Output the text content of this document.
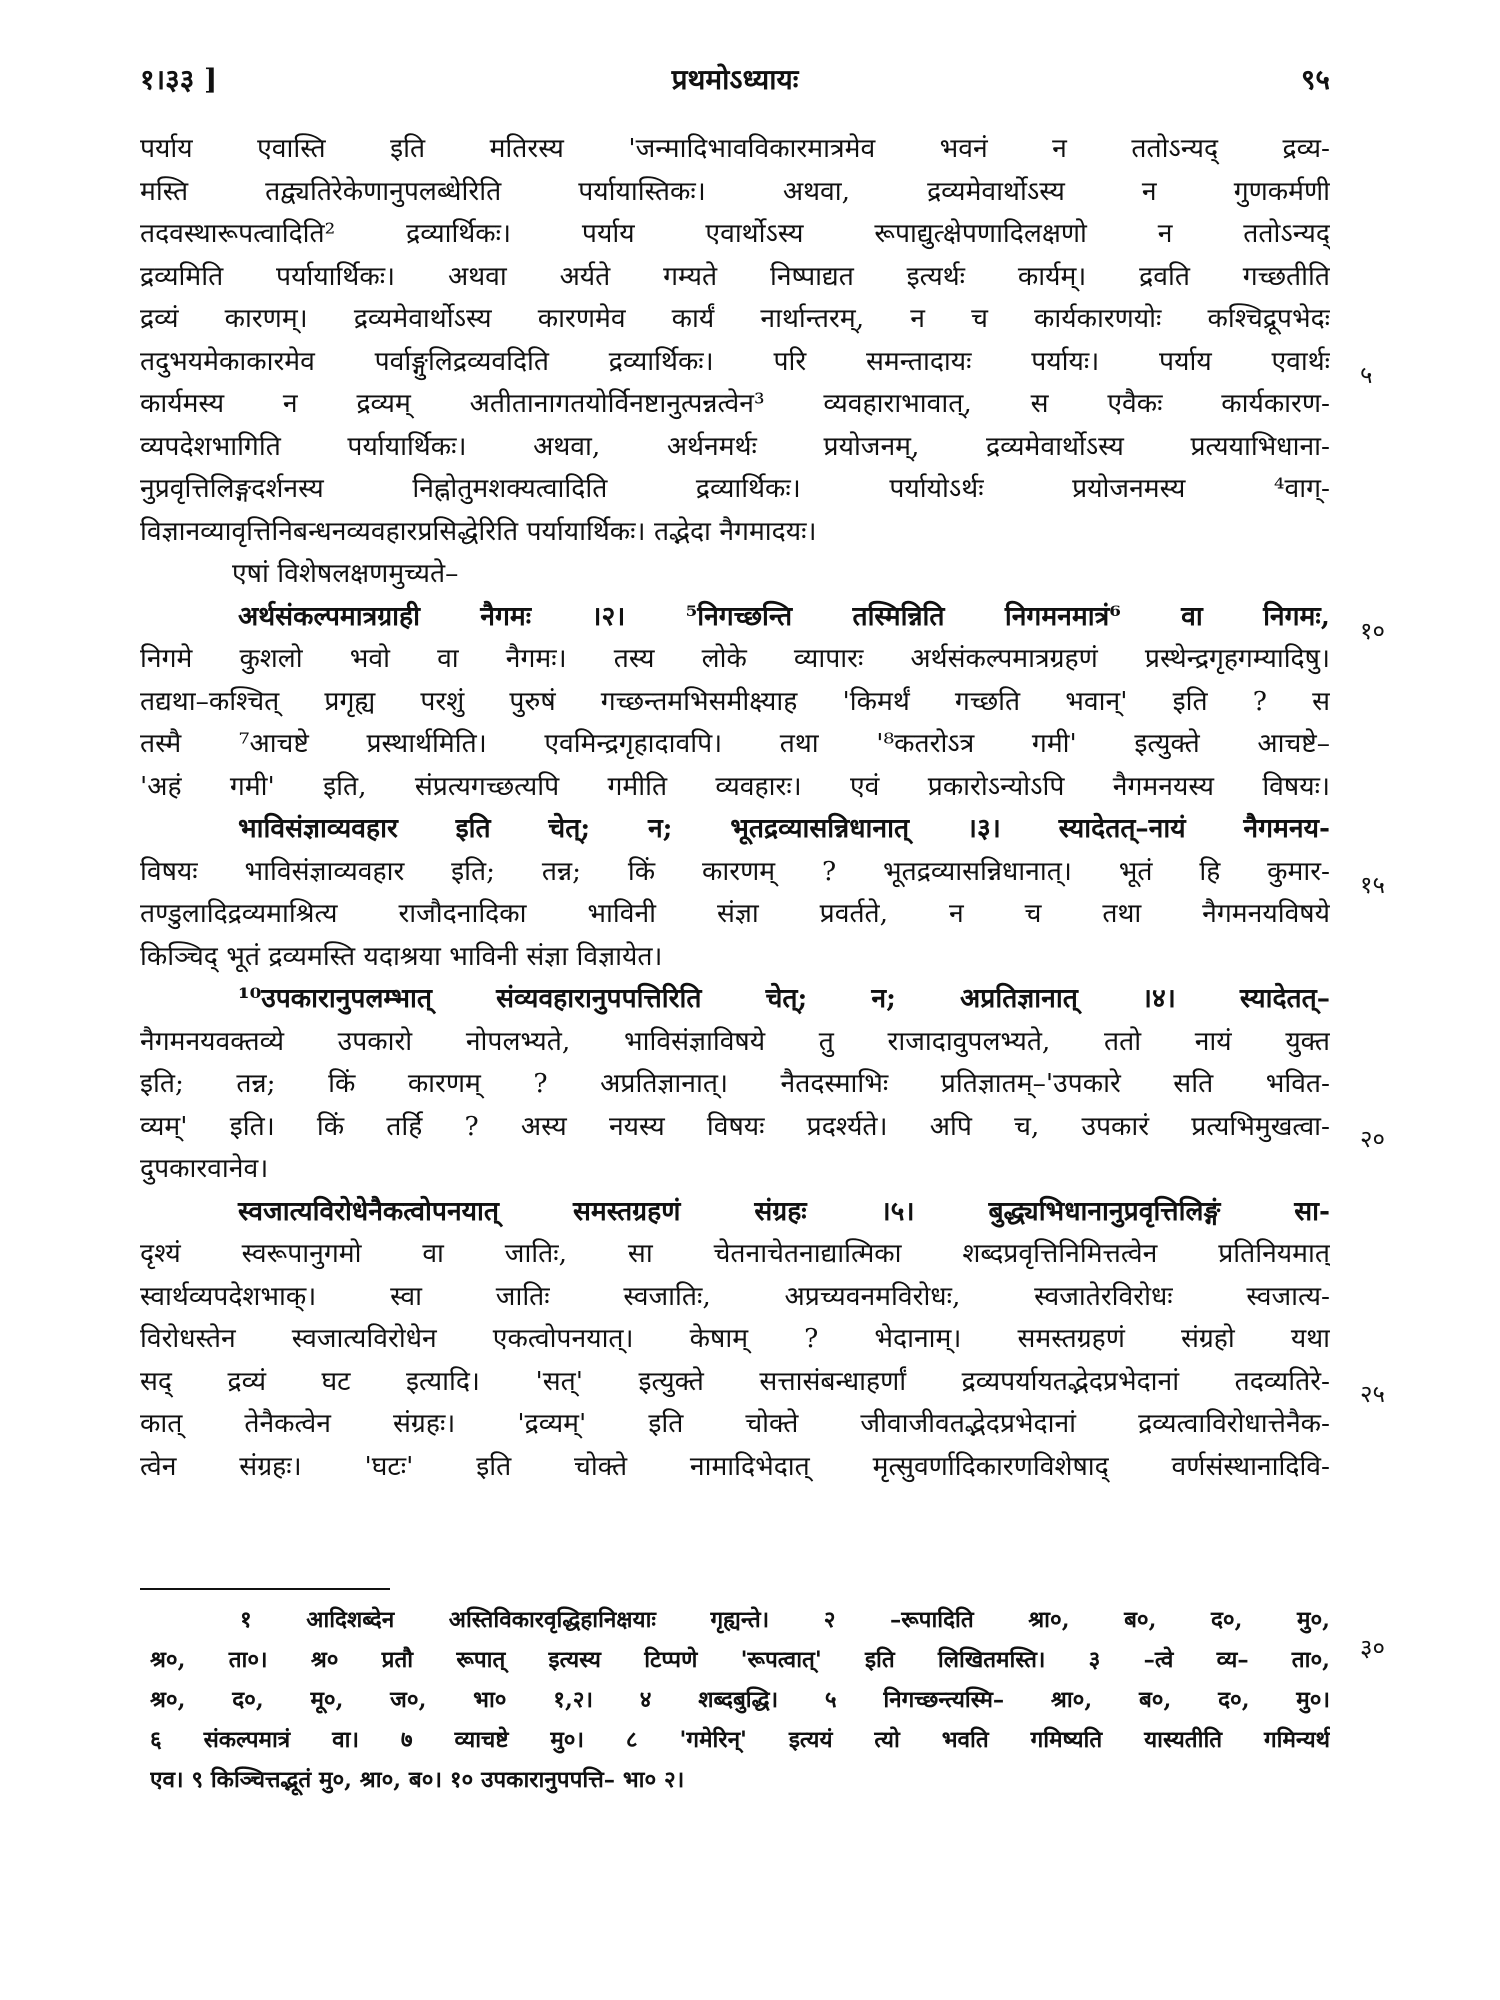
१।३३ ]	प्रथमोऽध्यायः	९५
पर्याय एवास्ति इति मतिरस्य 'जन्मादिभावविकारमात्रमेव भवनं न ततोऽन्यद् द्रव्य-
मस्ति तद्व्यतिरेकेणानुपलब्धेरिति पर्यायास्तिकः। अथवा, द्रव्यमेवार्थोऽस्य न गुणकर्मणी
तदवस्थारूपत्वादिति² द्रव्यार्थिकः। पर्याय एवार्थोऽस्य रूपाद्युत्क्षेपणादिलक्षणो न ततोऽन्यद्
द्रव्यमिति पर्यायार्थिकः। अथवा अर्यते गम्यते निष्पाद्यत इत्यर्थः कार्यम्। द्रवति गच्छतीति
द्रव्यं कारणम्। द्रव्यमेवार्थोऽस्य कारणमेव कार्यं नार्थान्तरम्, न च कार्यकारणयोः कश्चिद्रूपभेदः
तदुभयमेकाकारमेव पर्वाङ्गुलिद्रव्यवदिति द्रव्यार्थिकः। परि समन्तादायः पर्यायः। पर्याय एवार्थः
कार्यमस्य न द्रव्यम् अतीतानागतयोर्विनष्टानुत्पन्नत्वेन³ व्यवहाराभावात्, स एवैकः कार्यकारण-
व्यपदेशभागिति पर्यायार्थिकः। अथवा, अर्थनमर्थः प्रयोजनम्, द्रव्यमेवार्थोऽस्य प्रत्ययाभिधाना-
नुप्रवृत्तिलिङ्गदर्शनस्य निह्नोतुमशक्यत्वादिति द्रव्यार्थिकः। पर्यायोऽर्थः प्रयोजनमस्य ⁴वाग्-
विज्ञानव्यावृत्तिनिबन्धनव्यवहारप्रसिद्धेरिति पर्यायार्थिकः। तद्भेदा नैगमादयः।
एषां विशेषलक्षणमुच्यते–
अर्थसंकल्पमात्रग्राही नैगमः ।२। ⁵निगच्छन्ति तस्मिन्निति निगमनमात्रं⁶ वा निगमः,
निगमे कुशलो भवो वा नैगमः। तस्य लोके व्यापारः अर्थसंकल्पमात्रग्रहणं प्रस्थेन्द्रगृहगम्यादिषु।
तद्यथा–कश्चित् प्रगृह्य परशुं पुरुषं गच्छन्तमभिसमीक्ष्याह 'किमर्थं गच्छति भवान्' इति ? स
तस्मै ⁷आचष्टे प्रस्थार्थमिति। एवमिन्द्रगृहादावपि। तथा '⁸कतरोऽत्र गमी' इत्युक्ते आचष्टे–
'अहं गमी' इति, संप्रत्यगच्छत्यपि गमीति व्यवहारः। एवं प्रकारोऽन्योऽपि नैगमनयस्य विषयः।
भाविसंज्ञाव्यवहार इति चेत्; न; भूतद्रव्यासन्निधानात् ।३। स्यादेतत्–नायं नैगमनय-
विषयः भाविसंज्ञाव्यवहार इति; तन्न; किं कारणम् ? भूतद्रव्यासन्निधानात्। भूतं हि कुमार-
तण्डुलादिद्रव्यमाश्रित्य राजौदनादिका भाविनी संज्ञा प्रवर्तते, न च तथा नैगमनयविषये
किञ्चिद् भूतं द्रव्यमस्ति यदाश्रया भाविनी संज्ञा विज्ञायेत।
¹⁰उपकारानुपलम्भात् संव्यवहारानुपपत्तिरिति चेत्; न; अप्रतिज्ञानात् ।४। स्यादेतत्–
नैगमनयवक्तव्ये उपकारो नोपलभ्यते, भाविसंज्ञाविषये तु राजादावुपलभ्यते, ततो नायं युक्त
इति; तन्न; किं कारणम् ? अप्रतिज्ञानात्। नैतदस्माभिः प्रतिज्ञातम्–'उपकारे सति भवित-
व्यम्' इति। किं तर्हि ? अस्य नयस्य विषयः प्रदर्श्यते। अपि च, उपकारं प्रत्यभिमुखत्वा-
दुपकारवानेव।
स्वजात्यविरोधेनैकत्वोपनयात् समस्तग्रहणं संग्रहः ।५। बुद्ध्यभिधानानुप्रवृत्तिलिङ्गं सा-
दृश्यं स्वरूपानुगमो वा जातिः, सा चेतनाचेतनाद्यात्मिका शब्दप्रवृत्तिनिमित्तत्वेन प्रतिनियमात्
स्वार्थव्यपदेशभाक्। स्वा जातिः स्वजातिः, अप्रच्यवनमविरोधः, स्वजातेरविरोधः स्वजात्य-
विरोधस्तेन स्वजात्यविरोधेन एकत्वोपनयात्। केषाम् ? भेदानाम्। समस्तग्रहणं संग्रहो यथा
सद् द्रव्यं घट इत्यादि। 'सत्' इत्युक्ते सत्तासंबन्धाहर्णां द्रव्यपर्यायतद्भेदप्रभेदानां तदव्यतिरे-
कात् तेनैकत्वेन संग्रहः। 'द्रव्यम्' इति चोक्ते जीवाजीवतद्भेदप्रभेदानां द्रव्यत्वाविरोधात्तेनैक-
त्वेन संग्रहः। 'घटः' इति चोक्ते नामादिभेदात् मृत्सुवर्णादिकारणविशेषाद् वर्णसंस्थानादिवि-
५
१०
१५
२०
२५
३०
१ आदिशब्देन अस्तिविकारवृद्धिहानिक्षयाः गृह्यन्ते। २ –रूपादिति श्रा०, ब०, द०, मु०,
श्र०, ता०। श्र० प्रतौ रूपात् इत्यस्य टिप्पणे 'रूपत्वात्' इति लिखितमस्ति। ३ –त्वे व्य– ता०,
श्र०, द०, मू०, ज०, भा० १,२। ४ शब्दबुद्धि। ५ निगच्छन्त्यस्मि– श्रा०, ब०, द०, मु०।
६ संकल्पमात्रं वा। ७ व्याचष्टे मु०। ८ 'गमेरिन्' इत्ययं त्यो भवति गमिष्यति यास्यतीति गमिन्यर्थ
एव। ९ किञ्चित्तद्भूतं मु०, श्रा०, ब०। १० उपकारानुपपत्ति– भा० २।
